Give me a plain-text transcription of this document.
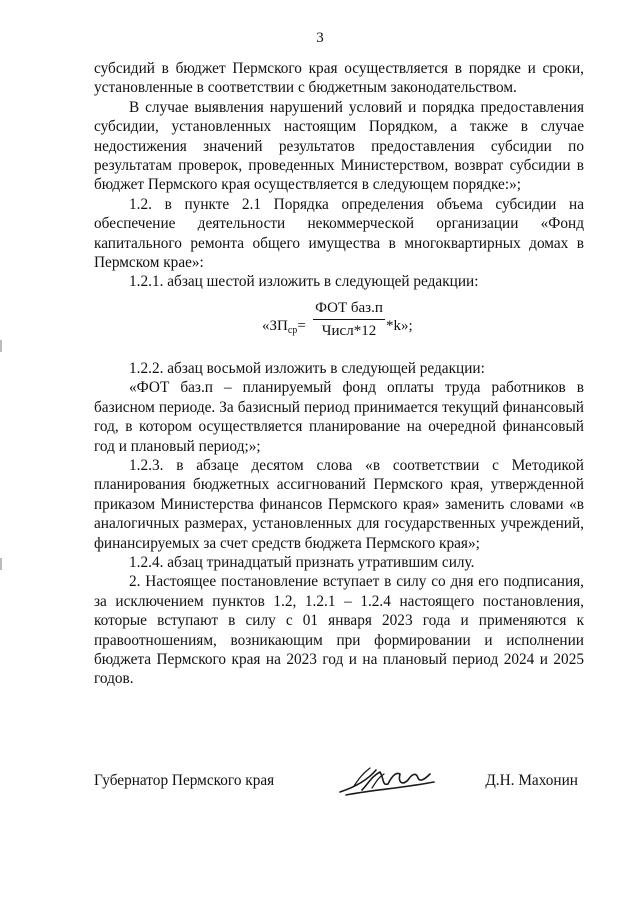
3

субсидий в бюджет Пермского края осуществляется в порядке и сроки, установленные в соответствии с бюджетным законодательством.

В случае выявления нарушений условий и порядка предоставления субсидии, установленных настоящим Порядком, а также в случае недостижения значений результатов предоставления субсидии по результатам проверок, проведенных Министерством, возврат субсидии в бюджет Пермского края осуществляется в следующем порядке:»;

1.2. в пункте 2.1 Порядка определения объема субсидии на обеспечение деятельности некоммерческой организации «Фонд капитального ремонта общего имущества в многоквартирных домах в Пермском крае»:

1.2.1. абзац шестой изложить в следующей редакции:

«$ЗП_{ср}=$
ФОТ баз.п
Числ*12 *k»;

1.2.2. абзац восьмой изложить в следующей редакции:

«ФОТ баз.п – планируемый фонд оплаты труда работников в базисном периоде. За базисный период принимается текущий финансовый год, в котором осуществляется планирование на очередной финансовый год и плановый период;»;

1.2.3. в абзаце десятом слова «в соответствии с Методикой планирования бюджетных ассигнований Пермского края, утвержденной приказом Министерства финансов Пермского края» заменить словами «в аналогичных размерах, установленных для государственных учреждений, финансируемых за счет средств бюджета Пермского края»;

1.2.4. абзац тринадцатый признать утратившим силу.

2. Настоящее постановление вступает в силу со дня его подписания, за исключением пунктов 1.2, 1.2.1 – 1.2.4 настоящего постановления, которые вступают в силу с 01 января 2023 года и применяются к правоотношениям, возникающим при формировании и исполнении бюджета Пермского края на 2023 год и на плановый период 2024 и 2025 годов.

Губернатор Пермского края	Д.Н. Махонин
